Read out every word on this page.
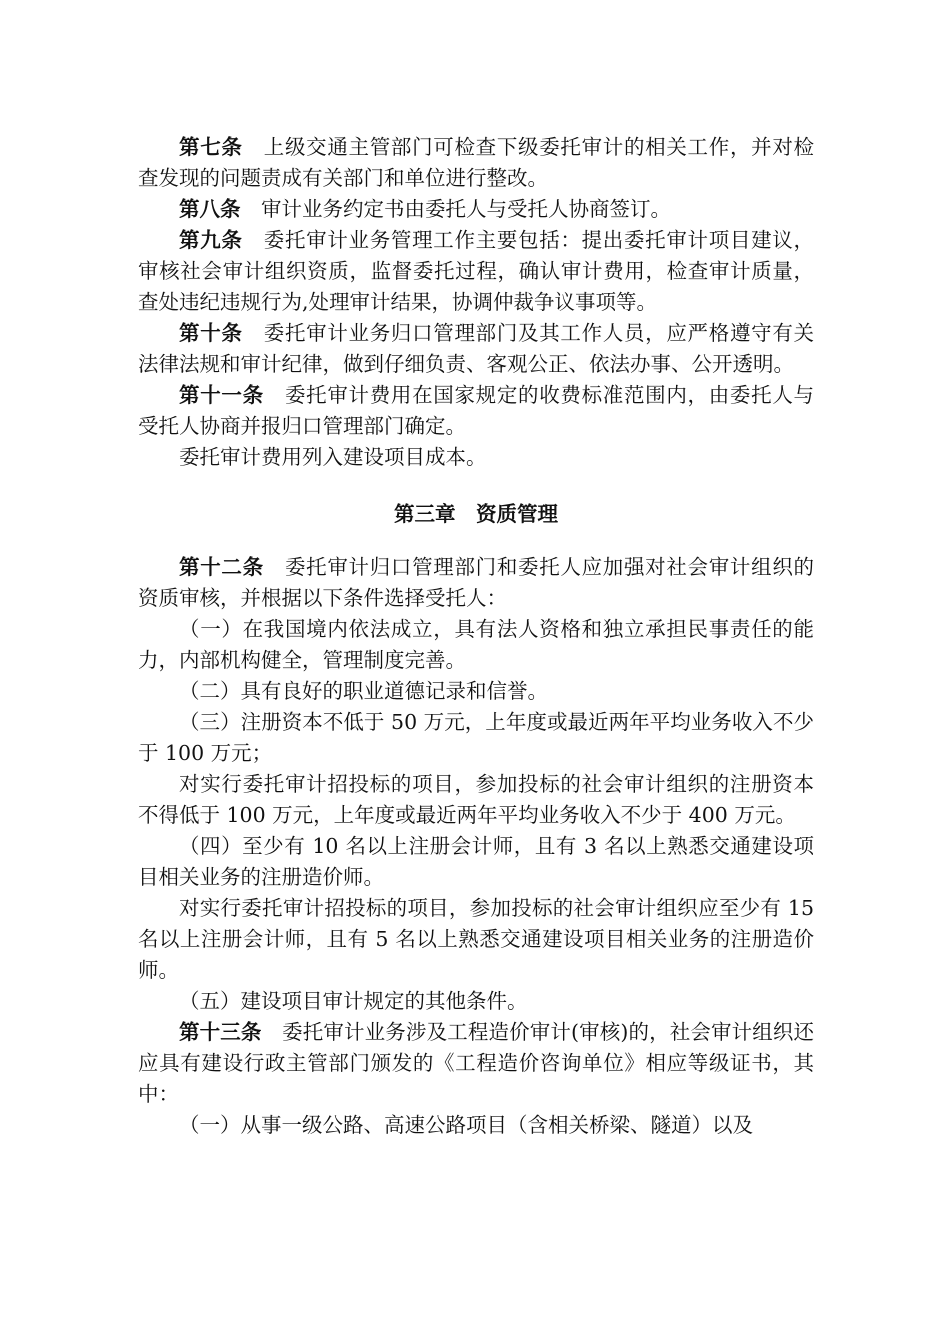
第七条 上级交通主管部门可检查下级委托审计的相关工作，并对检查发现的问题责成有关部门和单位进行整改。

第八条 审计业务约定书由委托人与受托人协商签订。

第九条 委托审计业务管理工作主要包括：提出委托审计项目建议，审核社会审计组织资质，监督委托过程，确认审计费用，检查审计质量，查处违纪违规行为,处理审计结果，协调仲裁争议事项等。

第十条 委托审计业务归口管理部门及其工作人员，应严格遵守有关法律法规和审计纪律，做到仔细负责、客观公正、依法办事、公开透明。

第十一条 委托审计费用在国家规定的收费标准范围内，由委托人与受托人协商并报归口管理部门确定。

委托审计费用列入建设项目成本。

第三章 资质管理

第十二条 委托审计归口管理部门和委托人应加强对社会审计组织的资质审核，并根据以下条件选择受托人：

（一）在我国境内依法成立，具有法人资格和独立承担民事责任的能力，内部机构健全，管理制度完善。

（二）具有良好的职业道德记录和信誉。

（三）注册资本不低于 50 万元，上年度或最近两年平均业务收入不少于 100 万元；

对实行委托审计招投标的项目，参加投标的社会审计组织的注册资本不得低于 100 万元，上年度或最近两年平均业务收入不少于 400 万元。

（四）至少有 10 名以上注册会计师，且有 3 名以上熟悉交通建设项目相关业务的注册造价师。

对实行委托审计招投标的项目，参加投标的社会审计组织应至少有 15 名以上注册会计师，且有 5 名以上熟悉交通建设项目相关业务的注册造价师。

（五）建设项目审计规定的其他条件。

第十三条 委托审计业务涉及工程造价审计(审核)的，社会审计组织还应具有建设行政主管部门颁发的《工程造价咨询单位》相应等级证书，其中：

（一）从事一级公路、高速公路项目（含相关桥梁、隧道）以及
